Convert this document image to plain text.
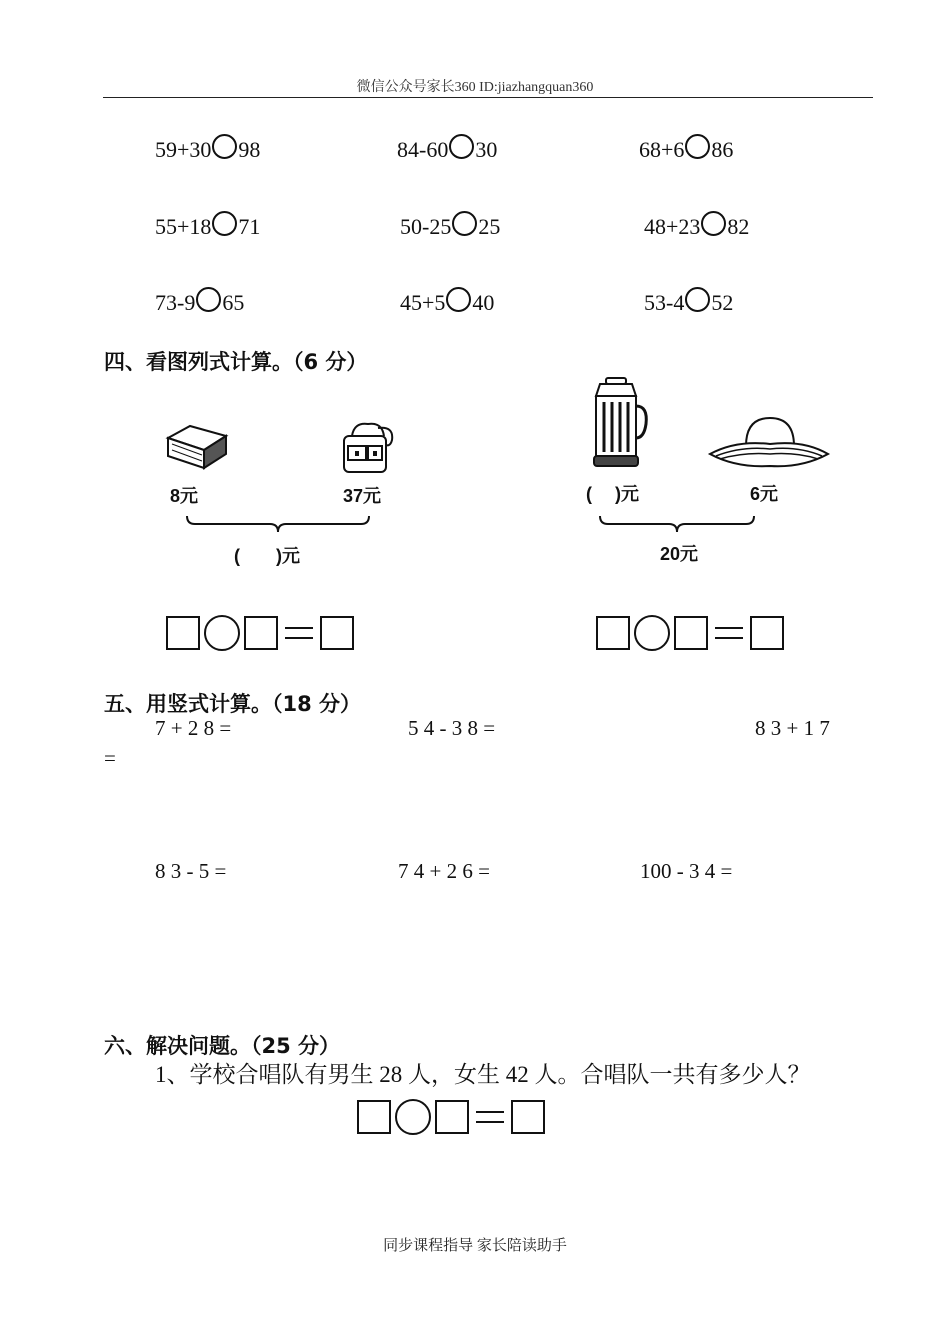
微信公众号家长360 ID:jiazhangquan360
59+30 98	84-60 30	68+6 86
55+18 71	50-25 25	48+23 82
73-9 65	45+5 40	53-4 52
四、看图列式计算。（6 分）
8元	37元
(　　)元
(　 )元	6元
20元
五、用竖式计算。（18 分）
7 + 2 8 =	5 4 - 3 8 =	8 3 + 1 7
=
8 3 - 5 =	7 4 + 2 6 =	100 - 3 4 =
六、解决问题。（25 分）
1、学校合唱队有男生 28 人，女生 42 人。合唱队一共有多少人？
同步课程指导 家长陪读助手
